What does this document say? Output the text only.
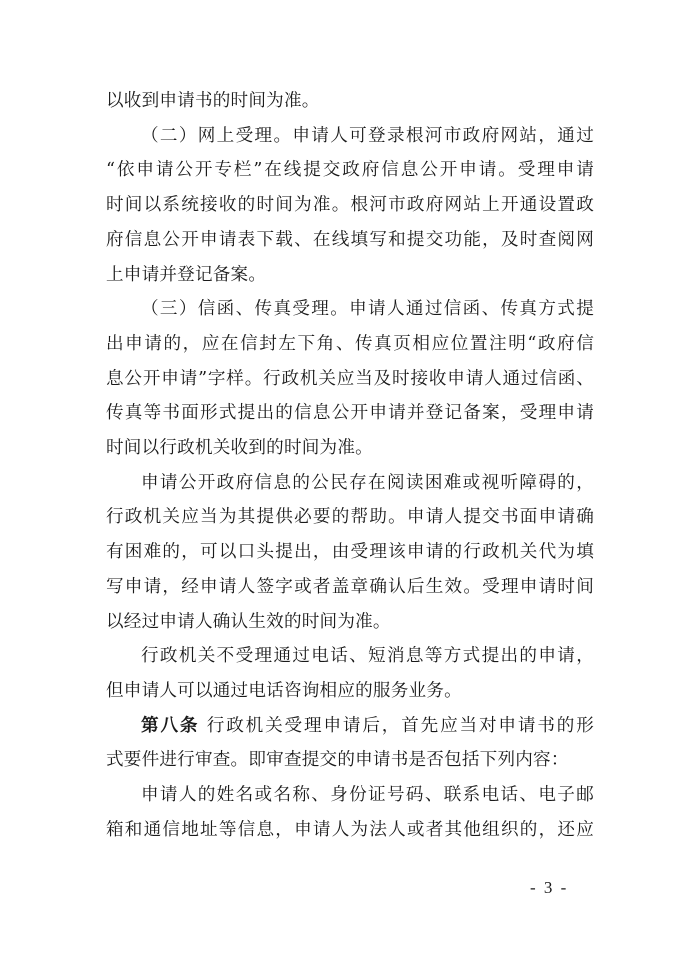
以收到申请书的时间为准。

（二）网上受理。申请人可登录根河市政府网站，通过

“依申请公开专栏”在线提交政府信息公开申请。受理申请

时间以系统接收的时间为准。根河市政府网站上开通设置政

府信息公开申请表下载、在线填写和提交功能，及时查阅网

上申请并登记备案。

（三）信函、传真受理。申请人通过信函、传真方式提

出申请的，应在信封左下角、传真页相应位置注明“政府信

息公开申请”字样。行政机关应当及时接收申请人通过信函、

传真等书面形式提出的信息公开申请并登记备案，受理申请

时间以行政机关收到的时间为准。

申请公开政府信息的公民存在阅读困难或视听障碍的，

行政机关应当为其提供必要的帮助。申请人提交书面申请确

有困难的，可以口头提出，由受理该申请的行政机关代为填

写申请，经申请人签字或者盖章确认后生效。受理申请时间

以经过申请人确认生效的时间为准。

行政机关不受理通过电话、短消息等方式提出的申请，

但申请人可以通过电话咨询相应的服务业务。

第八条 行政机关受理申请后，首先应当对申请书的形

式要件进行审查。即审查提交的申请书是否包括下列内容：

申请人的姓名或名称、身份证号码、联系电话、电子邮

箱和通信地址等信息，申请人为法人或者其他组织的，还应

- 3 -
